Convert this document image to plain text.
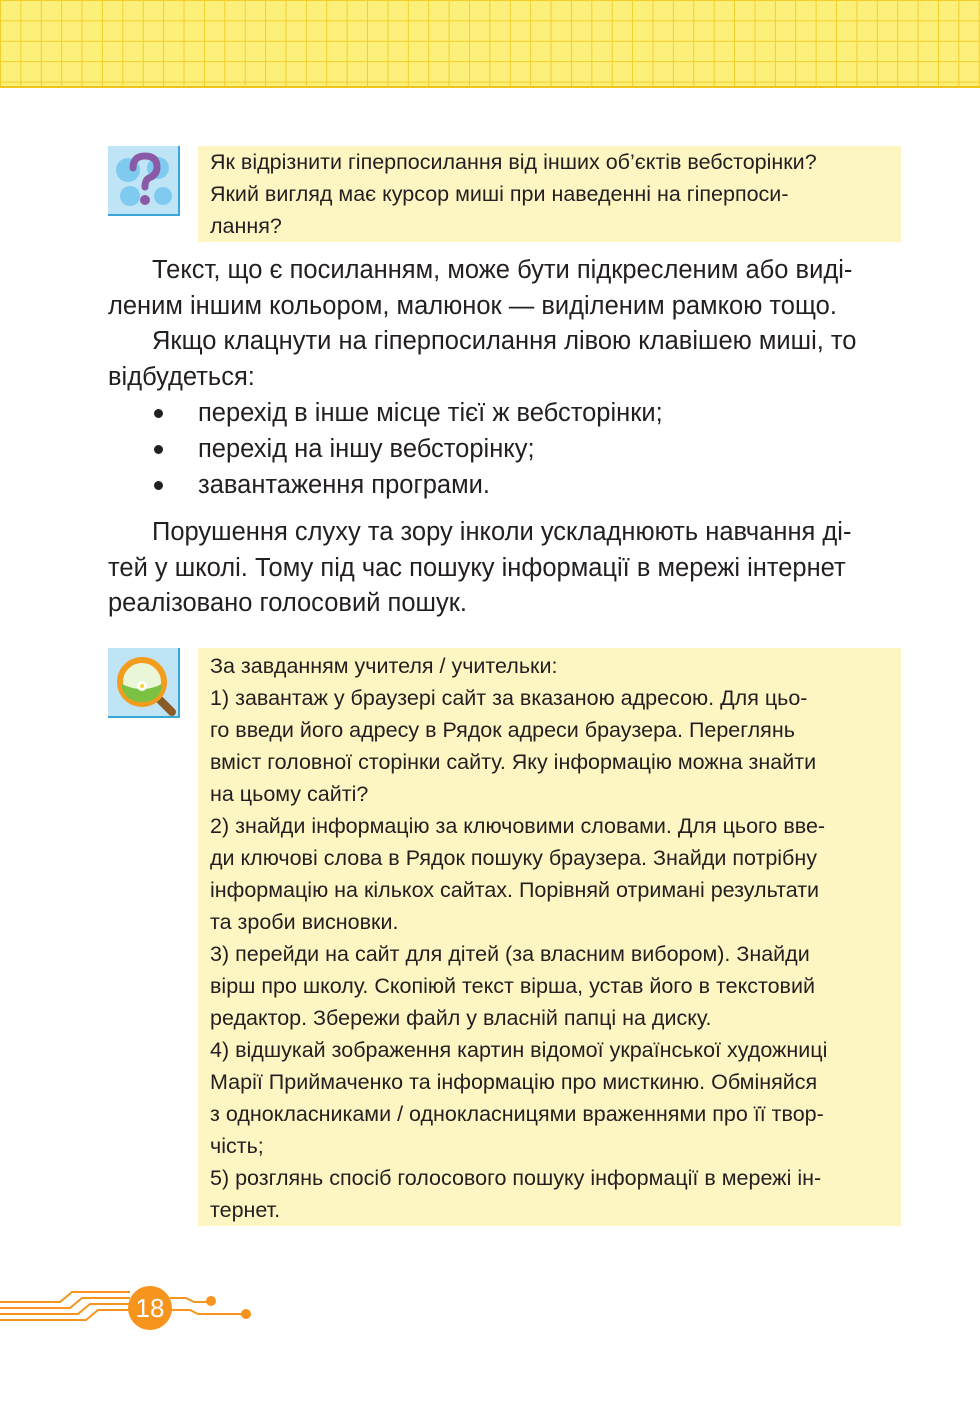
Як відрізнити гіперпосилання від інших об’єктів вебсторінки?
Який вигляд має курсор миші при наведенні на гіперпоси-
лання?

Текст, що є посиланням, може бути підкресленим або виді-
леним іншим кольором, малюнок — виділеним рамкою тощо.
Якщо клацнути на гіперпосилання лівою клавішею миші, то
відбудеться:
перехід в інше місце тієї ж вебсторінки;
перехід на іншу вебсторінку;
завантаження програми.
Порушення слуху та зору інколи ускладнюють навчання ді-
тей у школі. Тому під час пошуку інформації в мережі інтернет
реалізовано голосовий пошук.
За завданням учителя / учительки:
1) завантаж у браузері сайт за вказаною адресою. Для цьо-
го введи його адресу в Рядок адреси браузера. Переглянь
вміст головної сторінки сайту. Яку інформацію можна знайти
на цьому сайті?
2) знайди інформацію за ключовими словами. Для цього вве-
ди ключові слова в Рядок пошуку браузера. Знайди потрібну
інформацію на кількох сайтах. Порівняй отримані результати
та зроби висновки.
3) перейди на сайт для дітей (за власним вибором). Знайди
вірш про школу. Скопіюй текст вірша, устав його в текстовий
редактор. Збережи файл у власній папці на диску.
4) відшукай зображення картин відомої української художниці
Марії Приймаченко та інформацію про мисткиню. Обміняйся
з однокласниками / однокласницями враженнями про її твор-
чість;
5) розглянь спосіб голосового пошуку інформації в мережі ін-
тернет.
18
